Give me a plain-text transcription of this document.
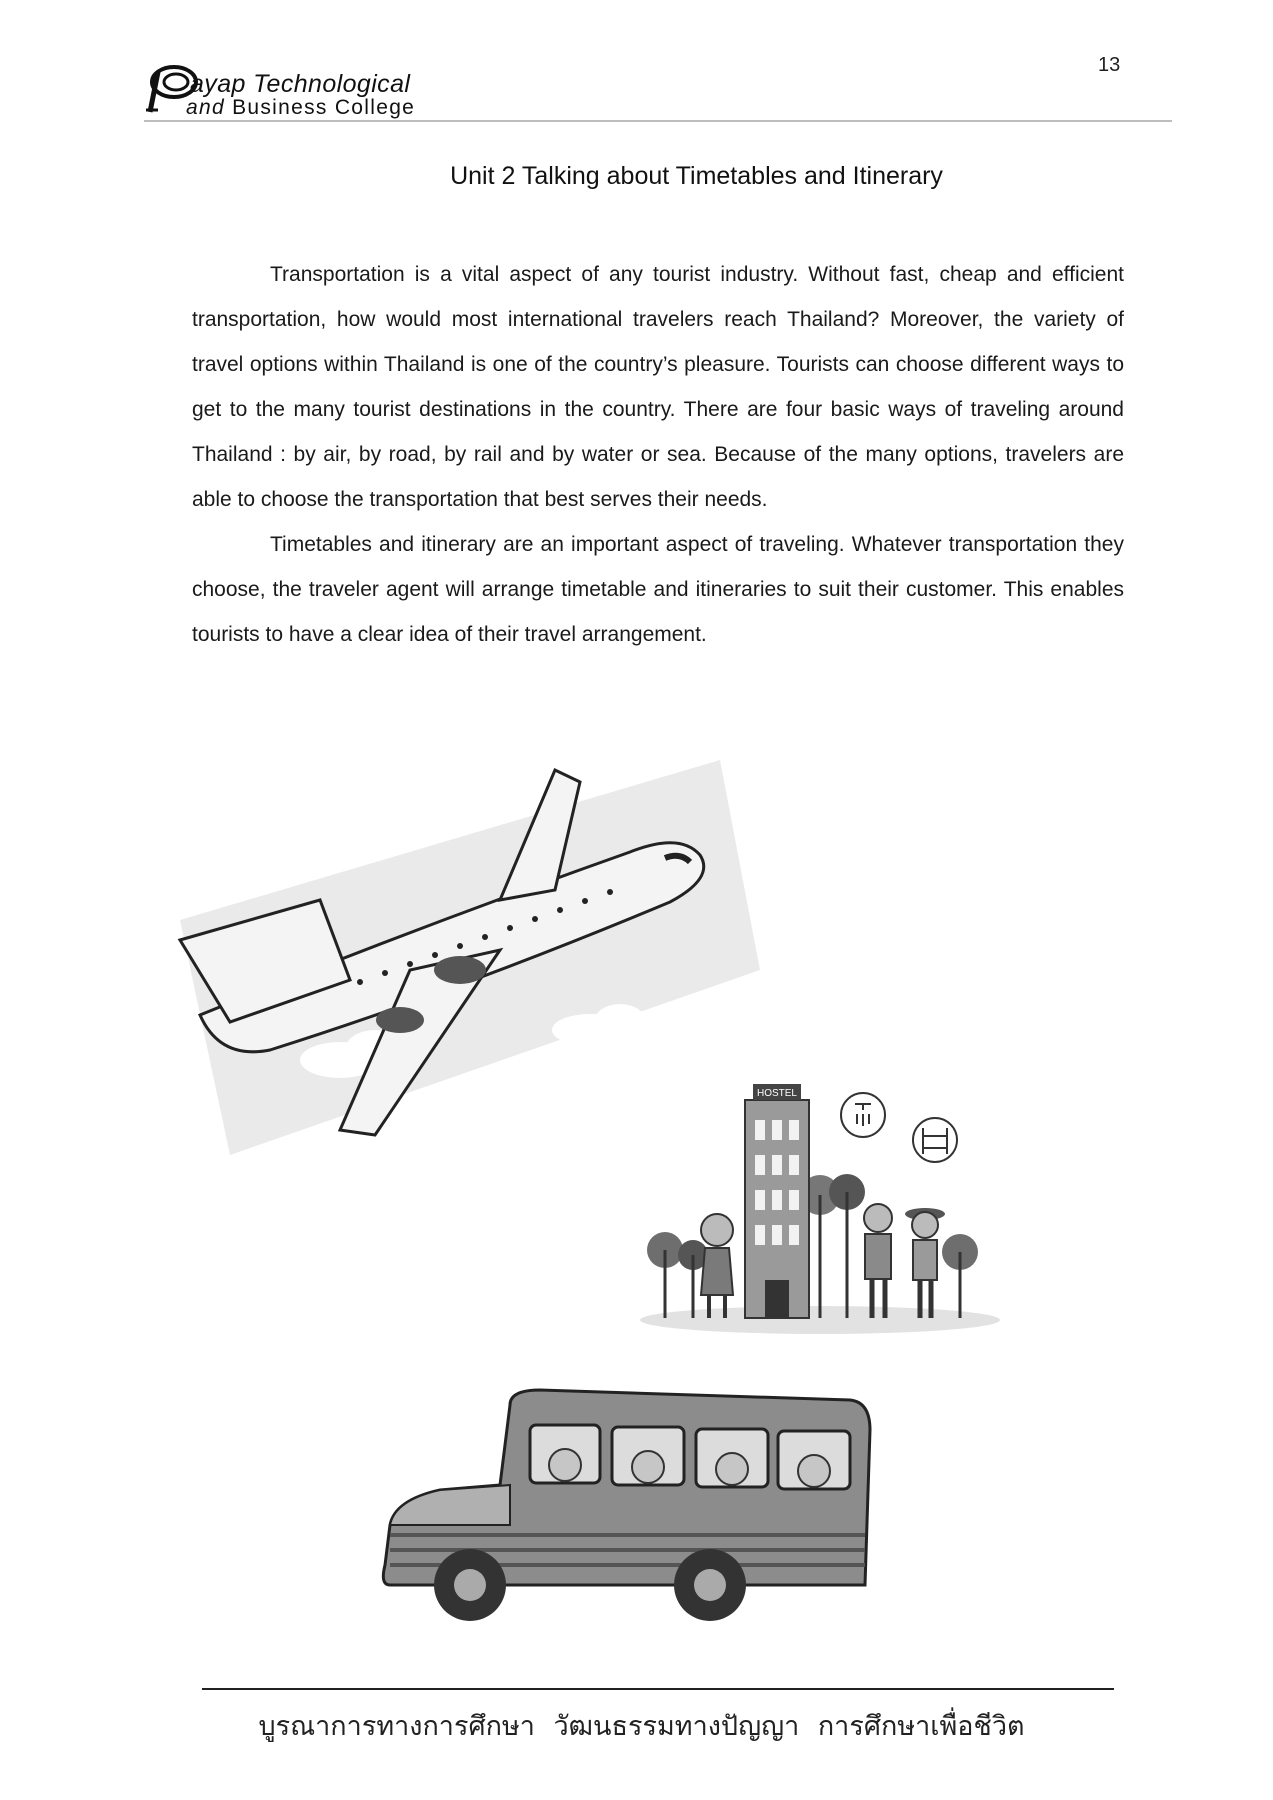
13
ayap Technological
and Business College
Unit 2 Talking about Timetables and Itinerary

Transportation is a vital aspect of any tourist industry. Without fast, cheap and efficient transportation, how would most international travelers reach Thailand? Moreover, the variety of travel options within Thailand is one of the country’s pleasure. Tourists can choose different ways to get to the many tourist destinations in the country. There are four basic ways of traveling around Thailand : by air, by road, by rail and by water or sea. Because of the many options, travelers are able to choose the transportation that best serves their needs.

Timetables and itinerary are an important aspect of traveling. Whatever transportation they choose, the traveler agent will arrange timetable and itineraries to suit their customer. This enables tourists to have a clear idea of their travel arrangement.

HOSTEL
บูรณาการทางการศึกษา วัฒนธรรมทางปัญญา การศึกษาเพื่อชีวิต
